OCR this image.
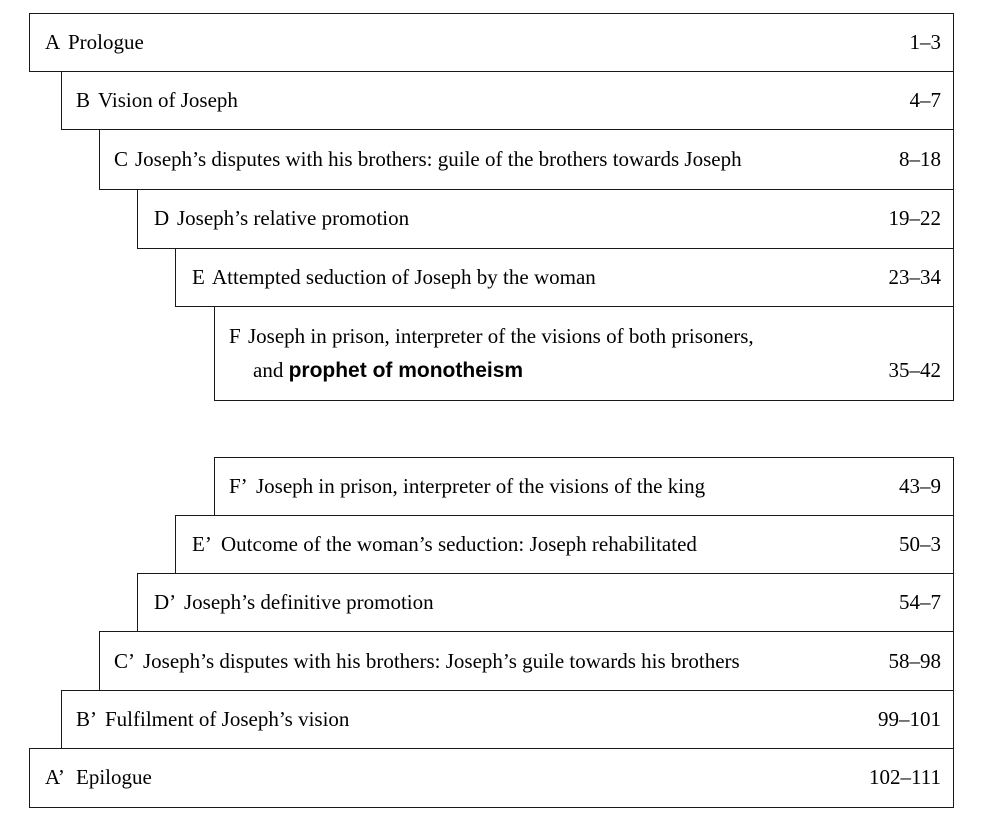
A Prologue	1–3
B Vision of Joseph	4–7
C Joseph’s disputes with his brothers: guile of the brothers towards Joseph	8–18
D Joseph’s relative promotion	19–22
E Attempted seduction of Joseph by the woman	23–34
F Joseph in prison, interpreter of the visions of both prisoners,
and prophet of monotheism	35–42
F’ Joseph in prison, interpreter of the visions of the king	43–9
E’ Outcome of the woman’s seduction: Joseph rehabilitated	50–3
D’ Joseph’s definitive promotion	54–7
C’ Joseph’s disputes with his brothers: Joseph’s guile towards his brothers	58–98
B’ Fulfilment of Joseph’s vision	99–101
A’ Epilogue	102–111
